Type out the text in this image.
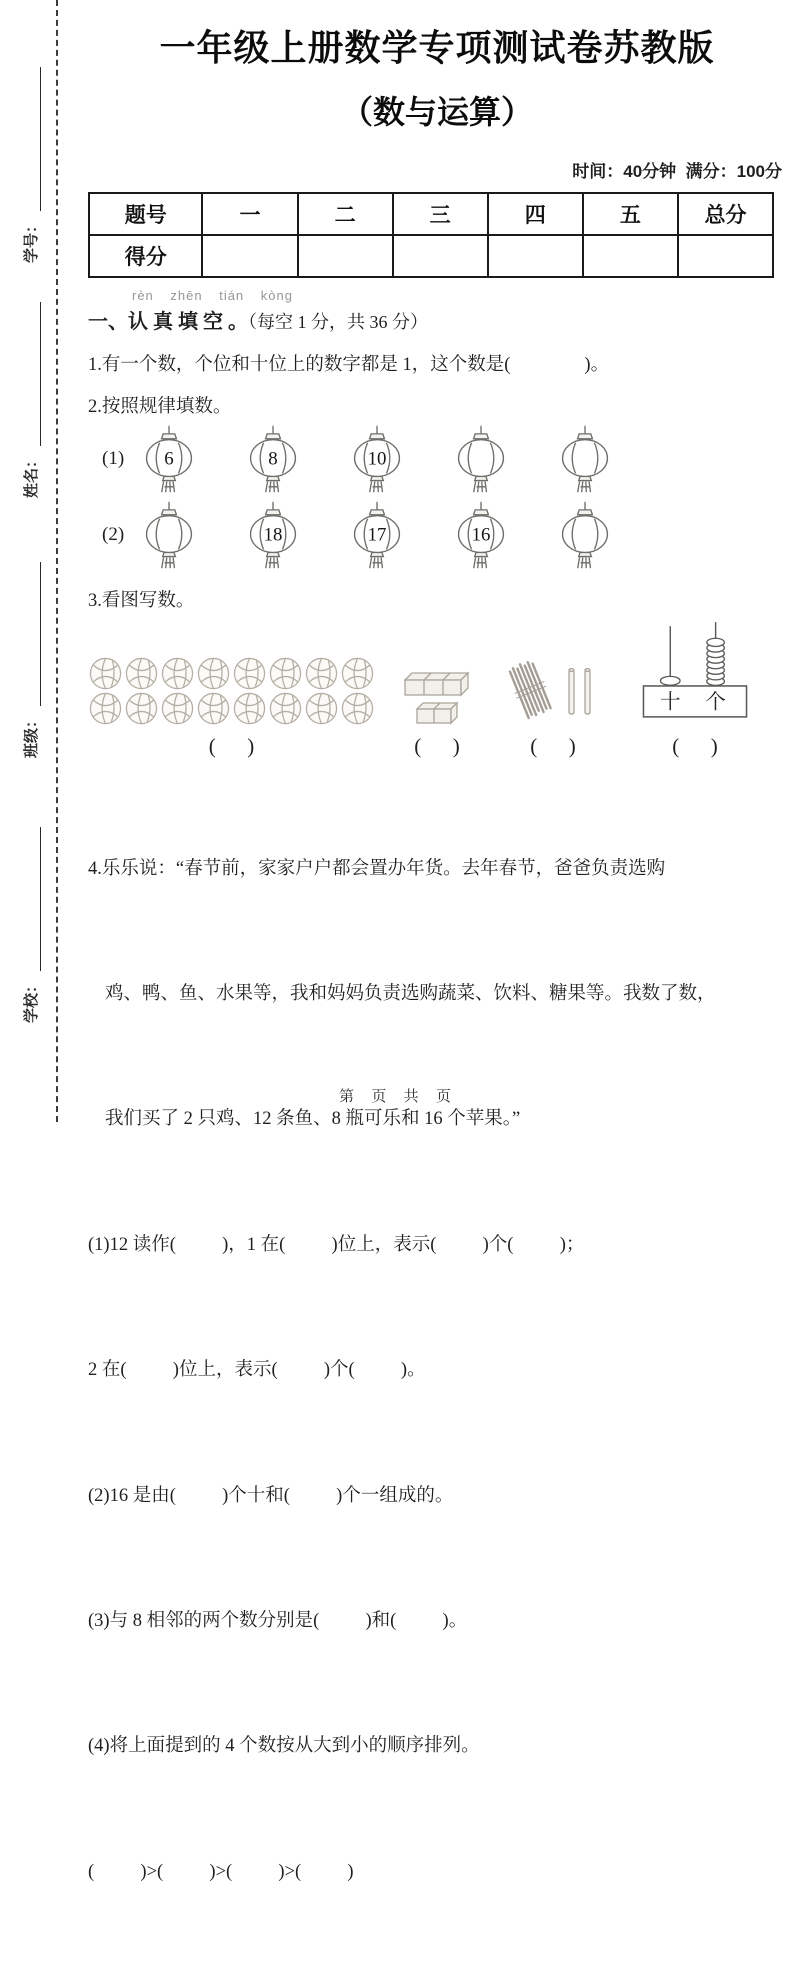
学号：
姓名：
班级：
学校：
一年级上册数学专项测试卷苏教版
（数与运算）
时间：40分钟  满分：100分
题号	一	二	三	四	五	总分
得分						
rèn zhēn tián kòng
一、认 真 填 空 。（每空 1 分，共 36 分）
1.有一个数，个位和十位上的数字都是 1，这个数是(                )。
2.按照规律填数。
(1)	6	8	10
(2)	18	17	16
3.看图写数。
(      )	(      )	(      )
十 个
(      )

4.乐乐说：“春节前，家家户户都会置办年货。去年春节，爸爸负责选购

鸡、鸭、鱼、水果等，我和妈妈负责选购蔬菜、饮料、糖果等。我数了数，

我们买了 2 只鸡、12 条鱼、8 瓶可乐和 16 个苹果。”

(1)12 读作(          )，1 在(          )位上，表示(          )个(          )；

2 在(          )位上，表示(          )个(          )。

(2)16 是由(          )个十和(          )个一组成的。

(3)与 8 相邻的两个数分别是(          )和(          )。

(4)将上面提到的 4 个数按从大到小的顺序排列。

(          )>(          )>(          )>(          )

第  页  共  页
